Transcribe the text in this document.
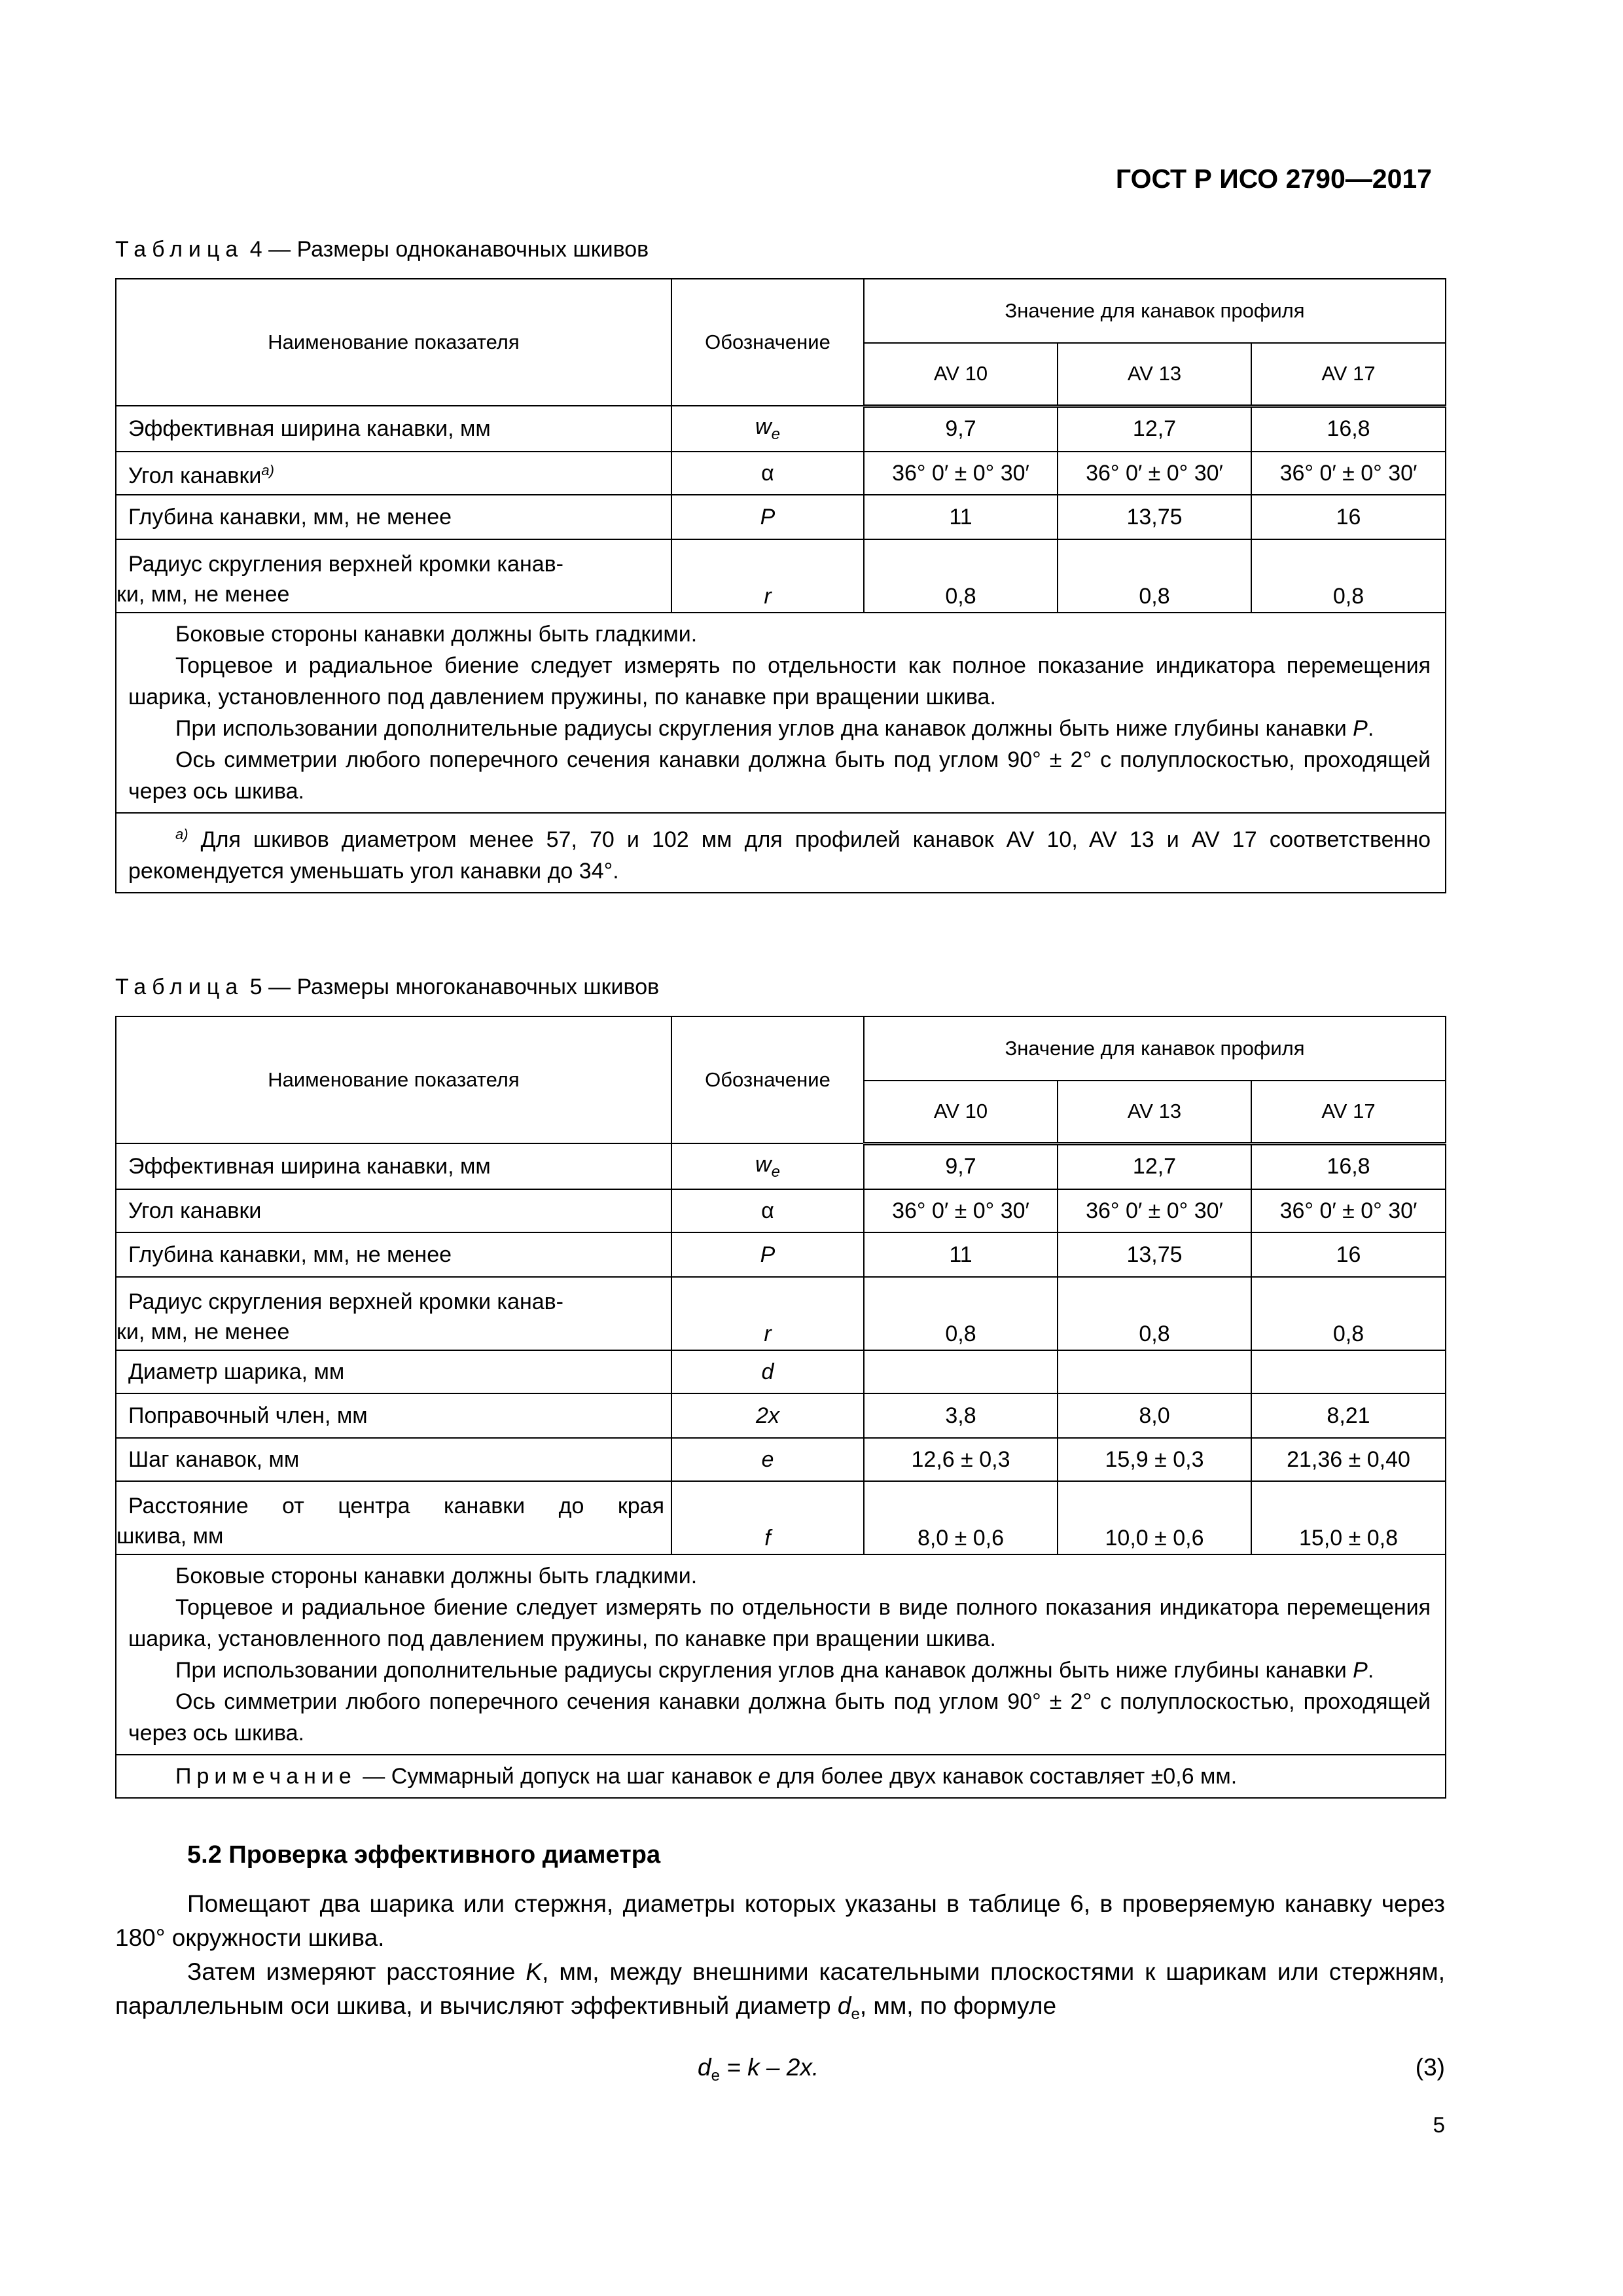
ГОСТ Р ИСО 2790—2017
Таблица 4 — Размеры одноканавочных шкивов
Наименование показателя	Обозначение	Значение для канавок профиля		
		AV 10	AV 13	AV 17
Эффективная ширина канавки, мм	$w_e$	9,7	12,7	16,8
Угол канавки$^{a)}$	α	36° 0′ ± 0° 30′	36° 0′ ± 0° 30′	36° 0′ ± 0° 30′
Глубина канавки, мм, не менее	P	11	13,75	16

Радиус скругления верхней кромки канав-
ки, мм, не менее	r	0,8	0,8	0,8

Боковые стороны канавки должны быть гладкими.

Торцевое и радиальное биение следует измерять по отдельности как полное показание индикатора перемещения шарика, установленного под давлением пружины, по канавке при вращении шкива.

При использовании дополнительные радиусы скругления углов дна канавок должны быть ниже глубины канавки P.

Ось симметрии любого поперечного сечения канавки должна быть под углом 90° ± 2° с полуплоскостью, проходящей через ось шкива.				

$^{a)}$ Для шкивов диаметром менее 57, 70 и 102 мм для профилей канавок AV 10, AV 13 и AV 17 соответственно рекомендуется уменьшать угол канавки до 34°.				

Таблица 5 — Размеры многоканавочных шкивов
Наименование показателя	Обозначение	Значение для канавок профиля		
		AV 10	AV 13	AV 17
Эффективная ширина канавки, мм	$w_e$	9,7	12,7	16,8
Угол канавки	α	36° 0′ ± 0° 30′	36° 0′ ± 0° 30′	36° 0′ ± 0° 30′
Глубина канавки, мм, не менее	P	11	13,75	16

Радиус скругления верхней кромки канав-
ки, мм, не менее	r	0,8	0,8	0,8
Диаметр шарика, мм	d			
Поправочный член, мм	2x	3,8	8,0	8,21
Шаг канавок, мм	e	12,6 ± 0,3	15,9 ± 0,3	21,36 ± 0,40

Расстояние от центра канавки до края
шкива, мм	f	8,0 ± 0,6	10,0 ± 0,6	15,0 ± 0,8

Боковые стороны канавки должны быть гладкими.

Торцевое и радиальное биение следует измерять по отдельности в виде полного показания индикатора перемещения шарика, установленного под давлением пружины, по канавке при вращении шкива.

При использовании дополнительные радиусы скругления углов дна канавок должны быть ниже глубины канавки P.

Ось симметрии любого поперечного сечения канавки должна быть под углом 90° ± 2° с полуплоскостью, проходящей через ось шкива.				

Примечание — Суммарный допуск на шаг канавок e для более двух канавок составляет ±0,6 мм.				

5.2 Проверка эффективного диаметра

Помещают два шарика или стержня, диаметры которых указаны в таблице 6, в проверяемую канавку через 180° окружности шкива.

Затем измеряют расстояние K, мм, между внешними касательными плоскостями к шарикам или стержням, параллельным оси шкива, и вычисляют эффективный диаметр $d_e$, мм, по формуле

$d_e = k - 2x$.	(3)
5
